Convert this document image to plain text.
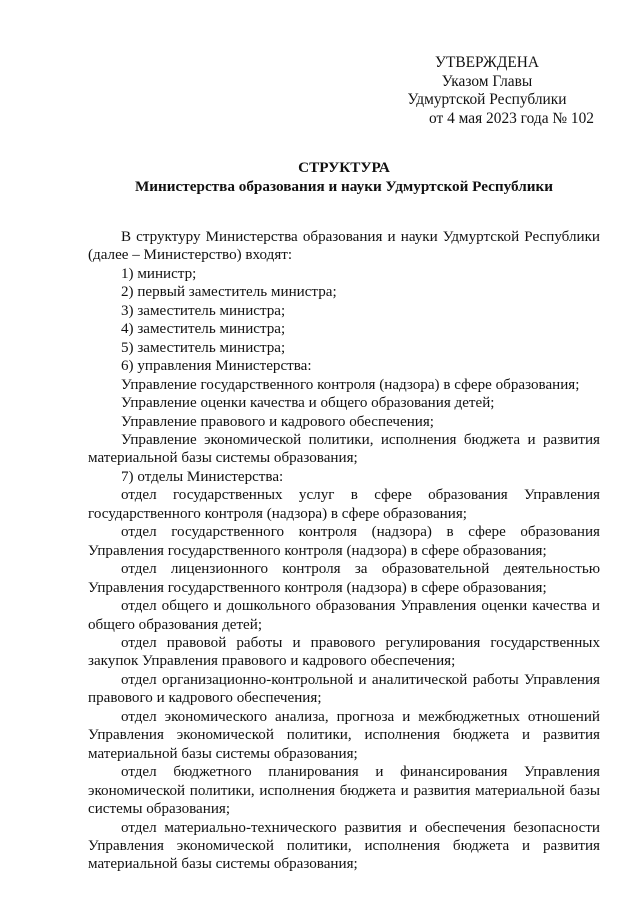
УТВЕРЖДЕНА
Указом Главы
Удмуртской Республики
от 4 мая 2023 года № 102
СТРУКТУРА
Министерства образования и науки Удмуртской Республики

В структуру Министерства образования и науки Удмуртской Республики (далее – Министерство) входят:

1) министр;
2) первый заместитель министра;
3) заместитель министра;
4) заместитель министра;
5) заместитель министра;
6) управления Министерства:

Управление государственного контроля (надзора) в сфере образования;

Управление оценки качества и общего образования детей;

Управление правового и кадрового обеспечения;

Управление экономической политики, исполнения бюджета и развития материальной базы системы образования;

7) отделы Министерства:

отдел государственных услуг в сфере образования Управления государственного контроля (надзора) в сфере образования;

отдел государственного контроля (надзора) в сфере образования Управления государственного контроля (надзора) в сфере образования;

отдел лицензионного контроля за образовательной деятельностью Управления государственного контроля (надзора) в сфере образования;

отдел общего и дошкольного образования Управления оценки качества и общего образования детей;

отдел правовой работы и правового регулирования государственных закупок Управления правового и кадрового обеспечения;

отдел организационно-контрольной и аналитической работы Управления правового и кадрового обеспечения;

отдел экономического анализа, прогноза и межбюджетных отношений Управления экономической политики, исполнения бюджета и развития материальной базы системы образования;

отдел бюджетного планирования и финансирования Управления экономической политики, исполнения бюджета и развития материальной базы системы образования;

отдел материально-технического развития и обеспечения безопасности Управления экономической политики, исполнения бюджета и развития материальной базы системы образования;
